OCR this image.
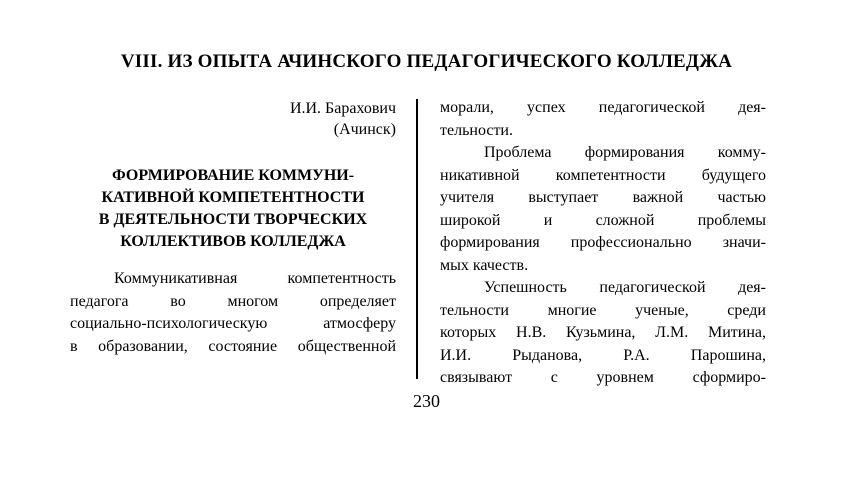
VIII. ИЗ ОПЫТА АЧИНСКОГО ПЕДАГОГИЧЕСКОГО КОЛЛЕДЖА
И.И. Барахович
(Ачинск)
ФОРМИРОВАНИЕ КОММУНИ-
КАТИВНОЙ КОМПЕТЕНТНОСТИ
В ДЕЯТЕЛЬНОСТИ ТВОРЧЕСКИХ
КОЛЛЕКТИВОВ КОЛЛЕДЖА
Коммуникативная компетентность
педагога во многом определяет
социально-психологическую атмосферу
в образовании, состояние общественной
морали, успех педагогической дея-
тельности.
Проблема формирования комму-
никативной компетентности будущего
учителя выступает важной частью
широкой и сложной проблемы
формирования профессионально значи-
мых качеств.
Успешность педагогической дея-
тельности многие ученые, среди
которых Н.В. Кузьмина, Л.М. Митина,
И.И. Рыданова, Р.А. Парошина,
связывают с уровнем сформиро-
230
